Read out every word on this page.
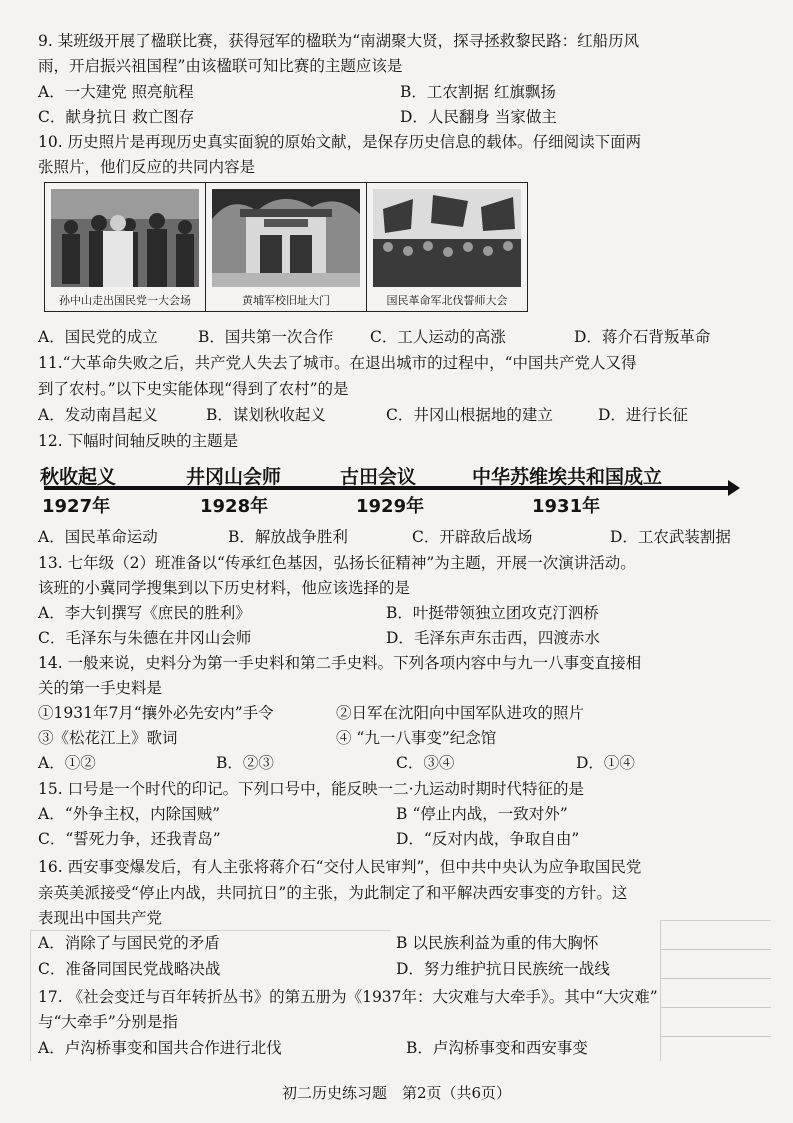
9. 某班级开展了楹联比赛，获得冠军的楹联为“南湖聚大贤，探寻拯救黎民路：红船历风
雨，开启振兴祖国程”由该楹联可知比赛的主题应该是
A．一大建党 照亮航程	B．工农割据 红旗飘扬
C．献身抗日 救亡图存	D．人民翻身 当家做主
10. 历史照片是再现历史真实面貌的原始文献，是保存历史信息的载体。仔细阅读下面两
张照片，他们反应的共同内容是
孙中山走出国民党一大会场	黄埔军校旧址大门	国民革命军北伐誓师大会
A．国民党的成立	B．国共第一次合作 C．工人运动的高涨	D．蒋介石背叛革命
11.“大革命失败之后，共产党人失去了城市。在退出城市的过程中，“中国共产党人又得
到了农村。”以下史实能体现“得到了农村”的是
A．发动南昌起义	B．谋划秋收起义	C．井冈山根据地的建立	D．进行长征
12. 下幅时间轴反映的主题是
秋收起义	井冈山会师	古田会议	中华苏维埃共和国成立
1927年	1928年	1929年	1931年
A．国民革命运动	B．解放战争胜利	C．开辟敌后战场	D．工农武装割据
13. 七年级（2）班准备以“传承红色基因，弘扬长征精神”为主题，开展一次演讲活动。
该班的小冀同学搜集到以下历史材料，他应该选择的是
A．李大钊撰写《庶民的胜利》	B．叶挺带领独立团攻克汀泗桥
C．毛泽东与朱德在井冈山会师	D．毛泽东声东击西，四渡赤水
14. 一般来说，史料分为第一手史料和第二手史料。下列各项内容中与九一八事变直接相
关的第一手史料是
①1931年7月“攘外必先安内”手令	②日军在沈阳向中国军队进攻的照片
③《松花江上》歌词	④ “九一八事变”纪念馆
A．①②	B．②③	C．③④	D．①④
15. 口号是一个时代的印记。下列口号中，能反映一二·九运动时期时代特征的是
A．“外争主权，内除国贼”	B “停止内战，一致对外”
C．“誓死力争，还我青岛”	D．“反对内战，争取自由”
16. 西安事变爆发后，有人主张将蒋介石“交付人民审判”，但中共中央认为应争取国民党
亲英美派接受“停止内战，共同抗日”的主张，为此制定了和平解决西安事变的方针。这
表现出中国共产党
A．消除了与国民党的矛盾	B 以民族利益为重的伟大胸怀
C．准备同国民党战略决战	D．努力维护抗日民族统一战线
17. 《社会变迁与百年转折丛书》的第五册为《1937年：大灾难与大牵手》。其中“大灾难”
与“大牵手”分别是指
A．卢沟桥事变和国共合作进行北伐	B．卢沟桥事变和西安事变
初二历史练习题　第2页（共6页）
